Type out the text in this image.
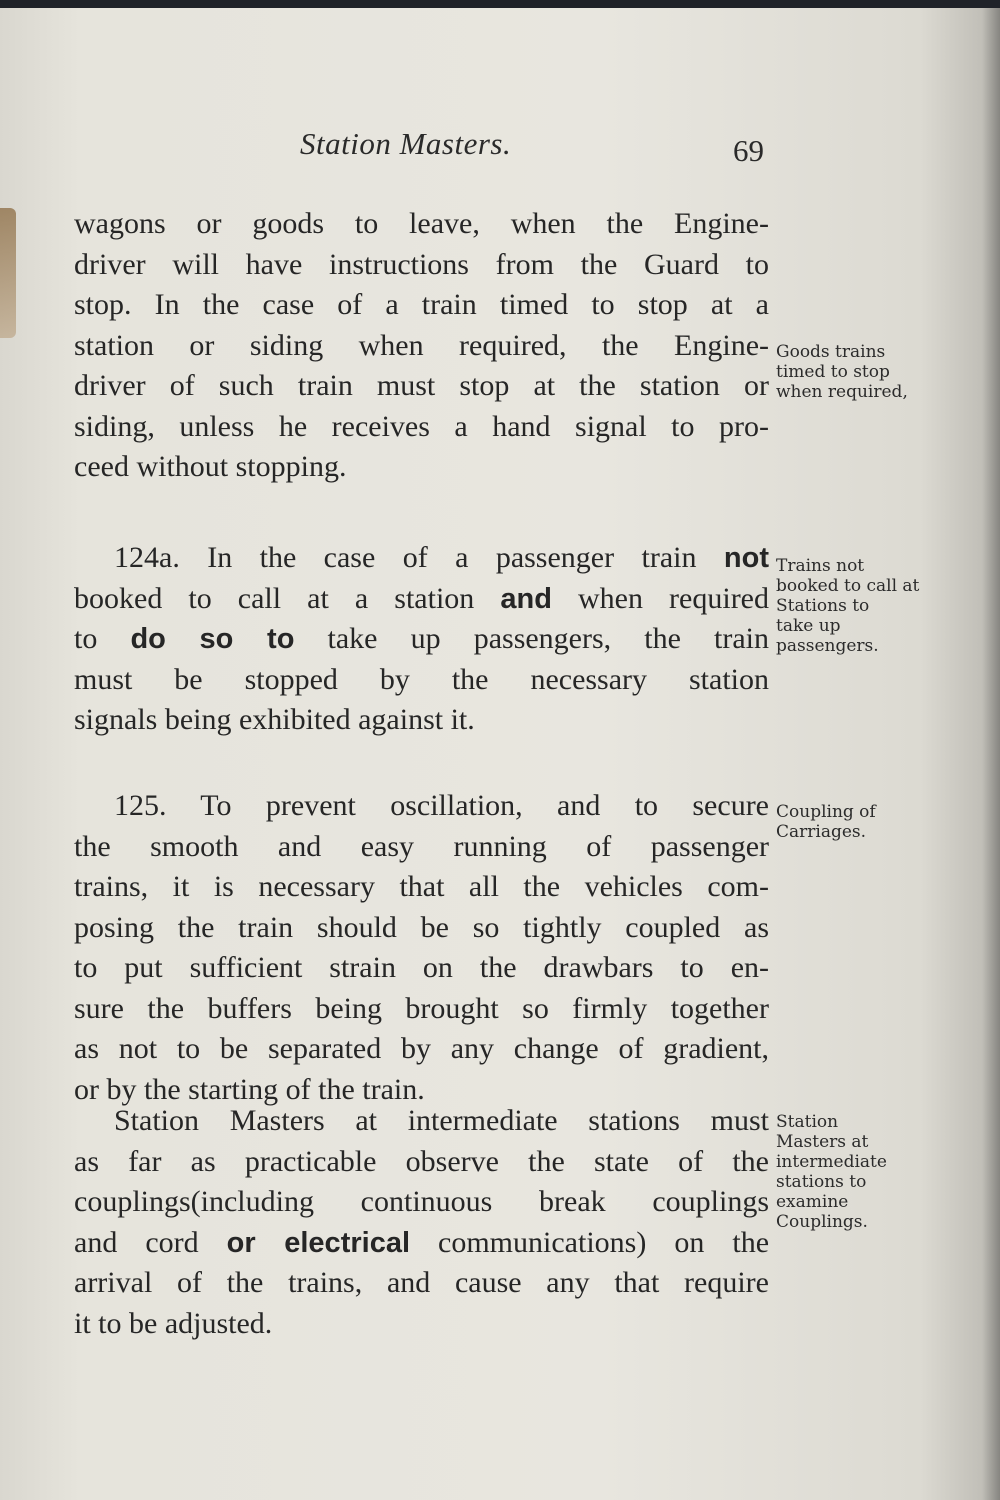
Station Masters.	69
wagons or goods to leave, when the Engine-
driver will have instructions from the Guard to
stop. In the case of a train timed to stop at a
station or siding when required, the Engine-
driver of such train must stop at the station or
siding, unless he receives a hand signal to pro-
ceed without stopping.
Goods trains
timed to stop
when required,
124a. In the case of a passenger train not
booked to call at a station and when required
to do so to take up passengers, the train
must be stopped by the necessary station
signals being exhibited against it.
Trains not
booked to call at
Stations to
take up
passengers.
125. To prevent oscillation, and to secure
the smooth and easy running of passenger
trains, it is necessary that all the vehicles com-
posing the train should be so tightly coupled as
to put sufficient strain on the drawbars to en-
sure the buffers being brought so firmly together
as not to be separated by any change of gradient,
or by the starting of the train.
Coupling of
Carriages.
Station Masters at intermediate stations must
as far as practicable observe the state of the
couplings(including continuous break couplings
and cord or electrical communications) on the
arrival of the trains, and cause any that require
it to be adjusted.
Station
Masters at
intermediate
stations to
examine
Couplings.
